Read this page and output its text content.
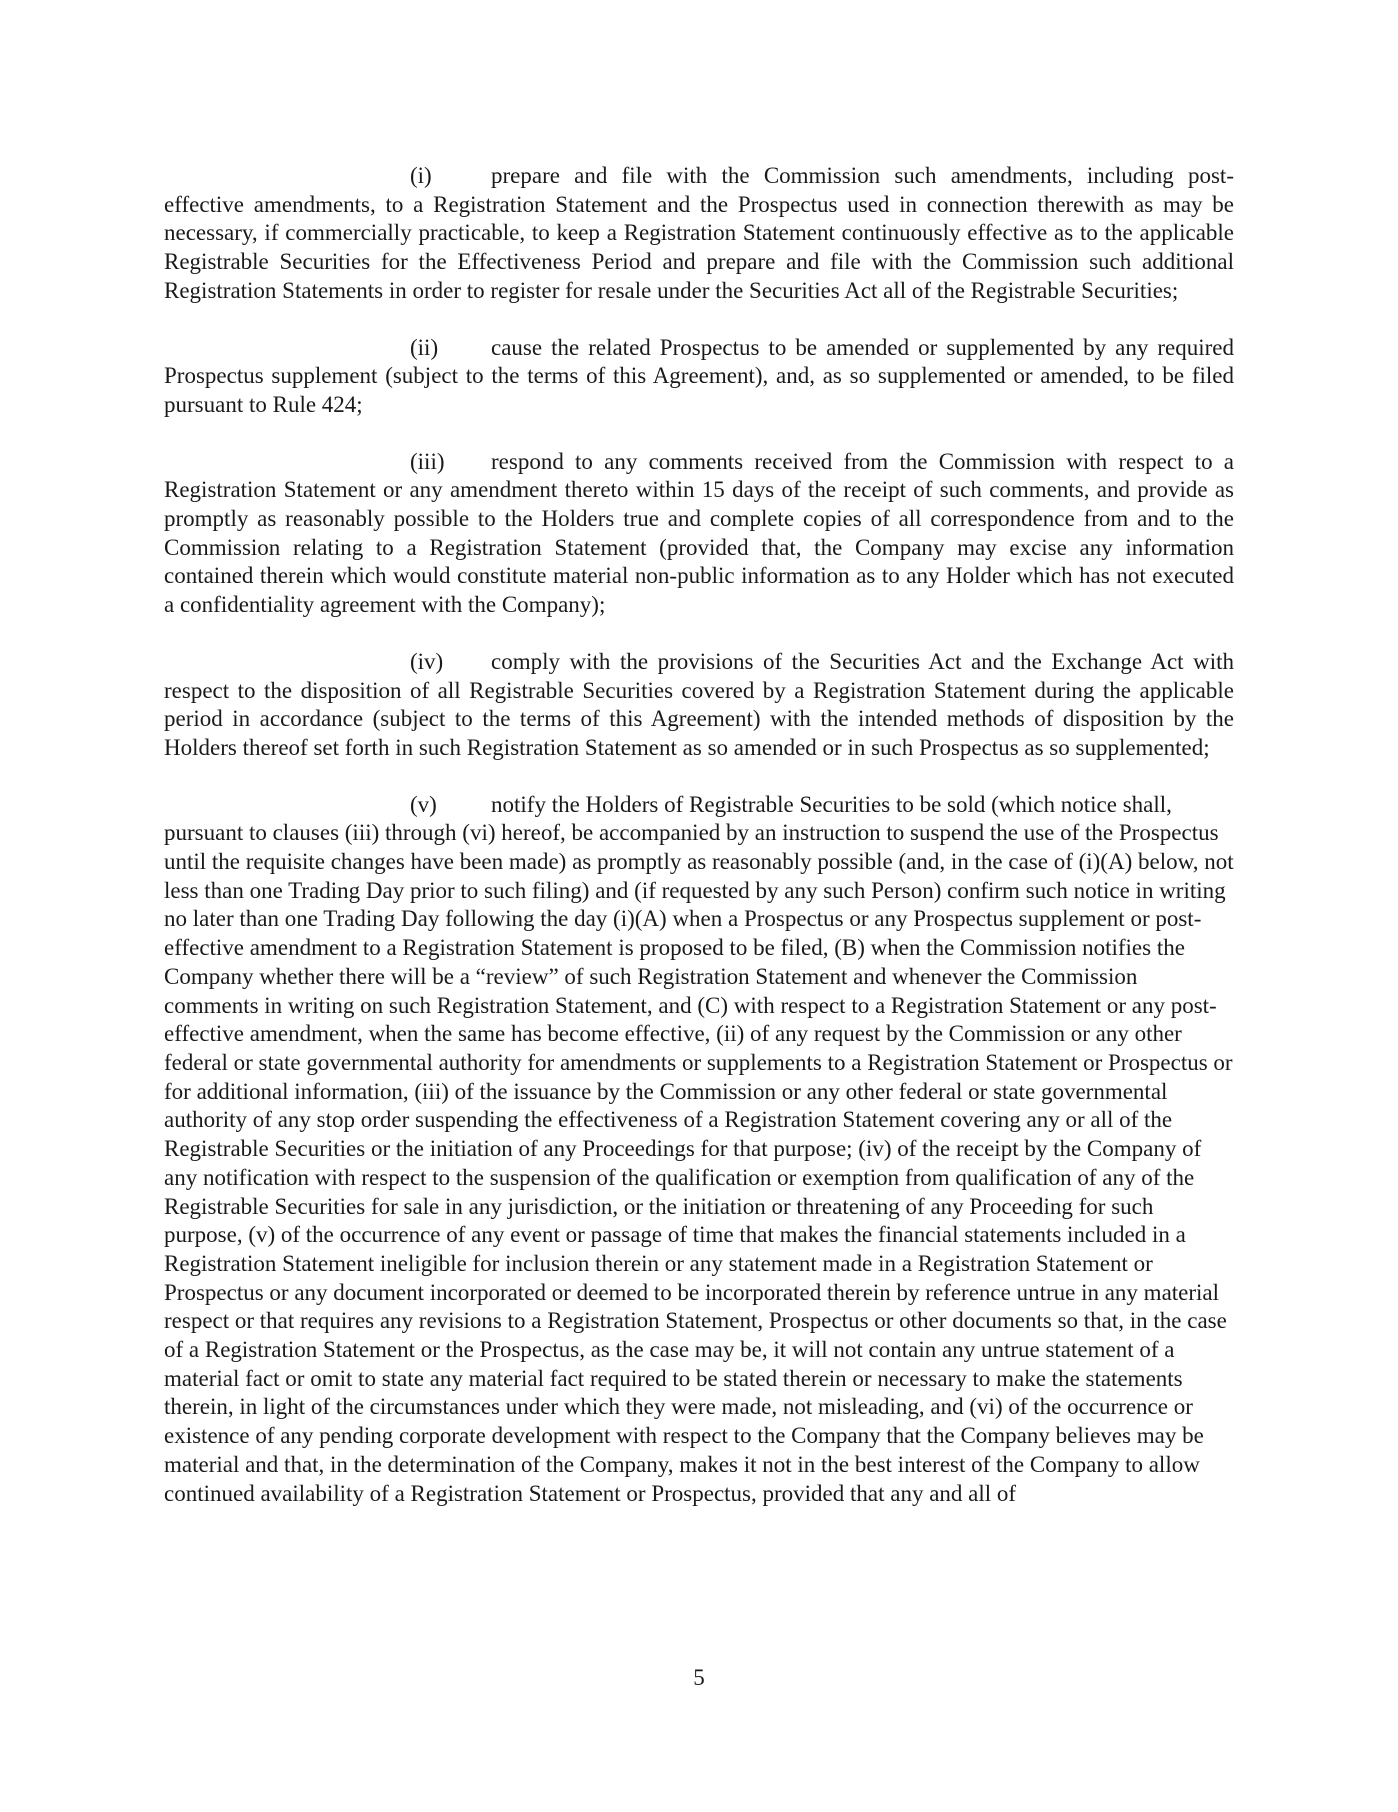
(i)	prepare and file with the Commission such amendments, including post-effective amendments, to a Registration Statement and the Prospectus used in connection therewith as may be necessary, if commercially practicable, to keep a Registration Statement continuously effective as to the applicable Registrable Securities for the Effectiveness Period and prepare and file with the Commission such additional Registration Statements in order to register for resale under the Securities Act all of the Registrable Securities;

(ii) cause the related Prospectus to be amended or supplemented by any required Prospectus supplement (subject to the terms of this Agreement), and, as so supplemented or amended, to be filed pursuant to Rule 424;

(iii) respond to any comments received from the Commission with respect to a Registration Statement or any amendment thereto within 15 days of the receipt of such comments, and provide as promptly as reasonably possible to the Holders true and complete copies of all correspondence from and to the Commission relating to a Registration Statement (provided that, the Company may excise any information contained therein which would constitute material non-public information as to any Holder which has not executed a confidentiality agreement with the Company);

(iv) comply with the provisions of the Securities Act and the Exchange Act with respect to the disposition of all Registrable Securities covered by a Registration Statement during the applicable period in accordance (subject to the terms of this Agreement) with the intended methods of disposition by the Holders thereof set forth in such Registration Statement as so amended or in such Prospectus as so supplemented;

(v) notify the Holders of Registrable Securities to be sold (which notice shall, pursuant to clauses (iii) through (vi) hereof, be accompanied by an instruction to suspend the use of the Prospectus until the requisite changes have been made) as promptly as reasonably possible (and, in the case of (i)(A) below, not less than one Trading Day prior to such filing) and (if requested by any such Person) confirm such notice in writing no later than one Trading Day following the day (i)(A) when a Prospectus or any Prospectus supplement or post-effective amendment to a Registration Statement is proposed to be filed, (B) when the Commission notifies the Company whether there will be a “review” of such Registration Statement and whenever the Commission comments in writing on such Registration Statement, and (C) with respect to a Registration Statement or any post-effective amendment, when the same has become effective, (ii) of any request by the Commission or any other federal or state governmental authority for amendments or supplements to a Registration Statement or Prospectus or for additional information, (iii) of the issuance by the Commission or any other federal or state governmental authority of any stop order suspending the effectiveness of a Registration Statement covering any or all of the Registrable Securities or the initiation of any Proceedings for that purpose; (iv) of the receipt by the Company of any notification with respect to the suspension of the qualification or exemption from qualification of any of the Registrable Securities for sale in any jurisdiction, or the initiation or threatening of any Proceeding for such purpose, (v) of the occurrence of any event or passage of time that makes the financial statements included in a Registration Statement ineligible for inclusion therein or any statement made in a Registration Statement or Prospectus or any document incorporated or deemed to be incorporated therein by reference untrue in any material respect or that requires any revisions to a Registration Statement, Prospectus or other documents so that, in the case of a Registration Statement or the Prospectus, as the case may be, it will not contain any untrue statement of a material fact or omit to state any material fact required to be stated therein or necessary to make the statements therein, in light of the circumstances under which they were made, not misleading, and (vi) of the occurrence or existence of any pending corporate development with respect to the Company that the Company believes may be material and that, in the determination of the Company, makes it not in the best interest of the Company to allow continued availability of a Registration Statement or Prospectus, provided that any and all of

5
